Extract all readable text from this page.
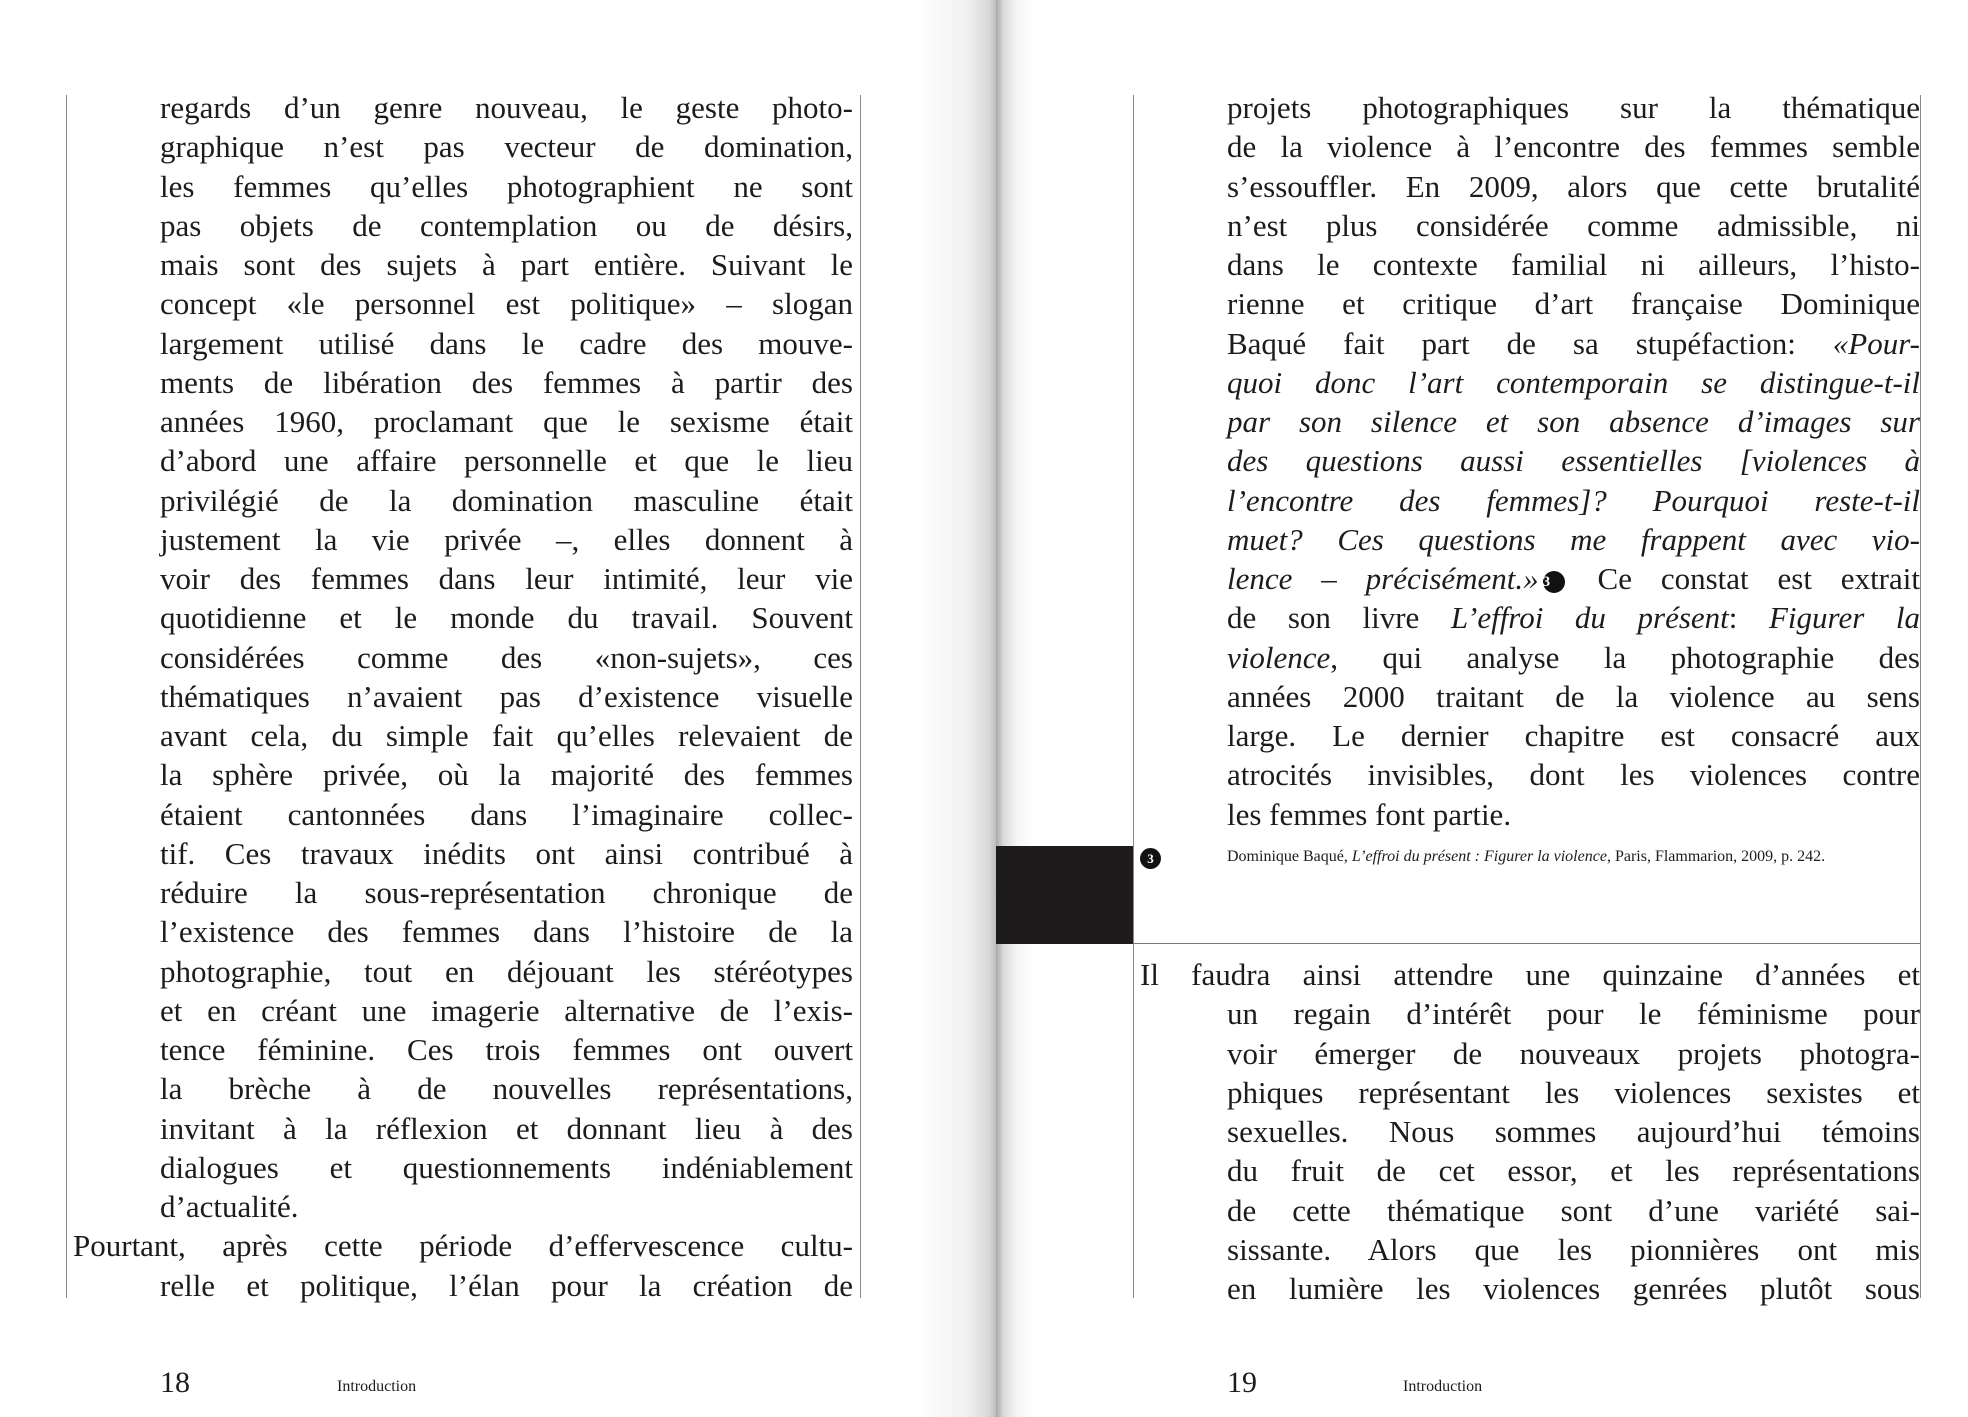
regards d’un genre nouveau, le geste photo-
graphique n’est pas vecteur de domination,
les femmes qu’elles photographient ne sont
pas objets de contemplation ou de désirs,
mais sont des sujets à part entière. Suivant le
concept «le personnel est politique» – slogan
largement utilisé dans le cadre des mouve-
ments de libération des femmes à partir des
années 1960, proclamant que le sexisme était
d’abord une affaire personnelle et que le lieu
privilégié de la domination masculine était
justement la vie privée –, elles donnent à
voir des femmes dans leur intimité, leur vie
quotidienne et le monde du travail. Souvent
considérées comme des «non-sujets», ces
thématiques n’avaient pas d’existence visuelle
avant cela, du simple fait qu’elles relevaient de
la sphère privée, où la majorité des femmes
étaient cantonnées dans l’imaginaire collec-
tif. Ces travaux inédits ont ainsi contribué à
réduire la sous-représentation chronique de
l’existence des femmes dans l’histoire de la
photographie, tout en déjouant les stéréotypes
et en créant une imagerie alternative de l’exis-
tence féminine. Ces trois femmes ont ouvert
la brèche à de nouvelles représentations,
invitant à la réflexion et donnant lieu à des
dialogues et questionnements indéniablement
d’actualité.
Pourtant, après cette période d’effervescence cultu-
relle et politique, l’élan pour la création de
18	Introduction
projets photographiques sur la thématique
de la violence à l’encontre des femmes semble
s’essouffler. En 2009, alors que cette brutalité
n’est plus considérée comme admissible, ni
dans le contexte familial ni ailleurs, l’histo-
rienne et critique d’art française Dominique
Baqué fait part de sa stupéfaction: «Pour-
quoi donc l’art contemporain se distingue-t-il
par son silence et son absence d’images sur
des questions aussi essentielles [violences à
l’encontre des femmes]? Pourquoi reste-t-il
muet? Ces questions me frappent avec vio-
lence – précisément.» 3 Ce constat est extrait
de son livre L’effroi du présent: Figurer la
violence, qui analyse la photographie des
années 2000 traitant de la violence au sens
large. Le dernier chapitre est consacré aux
atrocités invisibles, dont les violences contre
les femmes font partie.
3	Dominique Baqué, L’effroi du présent : Figurer la violence, Paris, Flammarion, 2009, p. 242.
Il faudra ainsi attendre une quinzaine d’années et
un regain d’intérêt pour le féminisme pour
voir émerger de nouveaux projets photogra-
phiques représentant les violences sexistes et
sexuelles. Nous sommes aujourd’hui témoins
du fruit de cet essor, et les représentations
de cette thématique sont d’une variété sai-
sissante. Alors que les pionnières ont mis
en lumière les violences genrées plutôt sous
19	Introduction
